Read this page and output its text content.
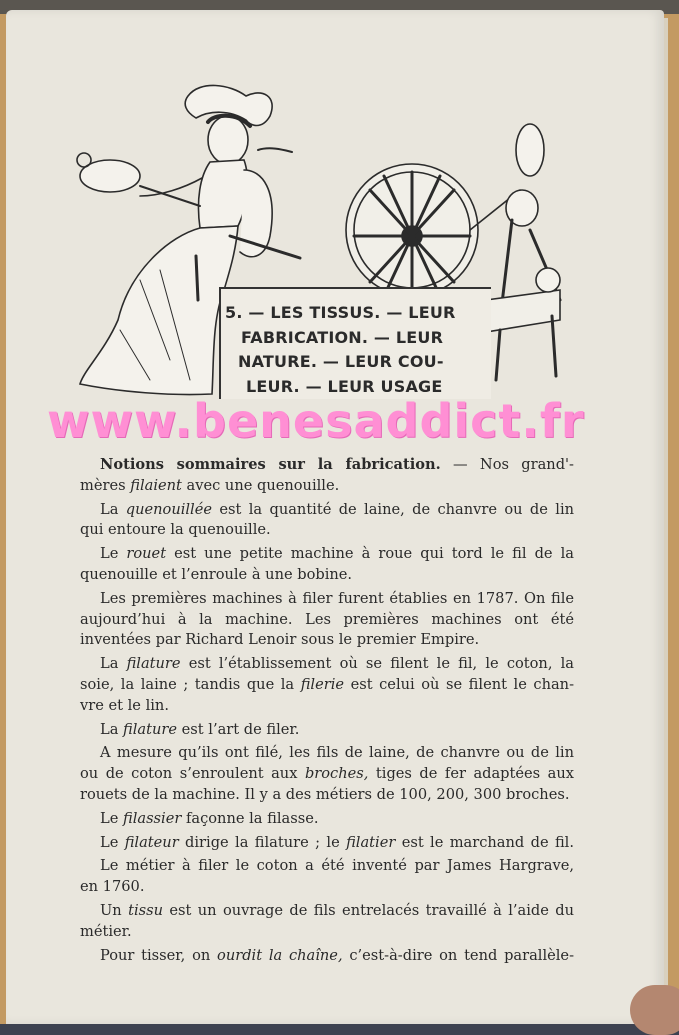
5. — LES TISSUS. — LEUR
FABRICATION. — LEUR
NATURE. — LEUR COU-
LEUR. — LEUR USAGE
www.benesaddict.fr
Notions sommaires sur la fabrication. — Nos grand'-
mères filaient avec une quenouille.
La quenouillée est la quantité de laine, de chanvre ou de lin
qui entoure la quenouille.
Le rouet est une petite machine à roue qui tord le fil de la
quenouille et l’enroule à une bobine.
Les premières machines à filer furent établies en 1787. On file
aujourd’hui à la machine. Les premières machines ont été
inventées par Richard Lenoir sous le premier Empire.
La filature est l’établissement où se filent le fil, le coton, la
soie, la laine ; tandis que la filerie est celui où se filent le chan-
vre et le lin.
La filature est l’art de filer.
A mesure qu’ils ont filé, les fils de laine, de chanvre ou de lin
ou de coton s’enroulent aux broches, tiges de fer adaptées aux
rouets de la machine. Il y a des métiers de 100, 200, 300 broches.
Le filassier façonne la filasse.
Le filateur dirige la filature ; le filatier est le marchand de fil.
Le métier à filer le coton a été inventé par James Hargrave,
en 1760.
Un tissu est un ouvrage de fils entrelacés travaillé à l’aide du
métier.
Pour tisser, on ourdit la chaîne, c’est-à-dire on tend parallèle-
